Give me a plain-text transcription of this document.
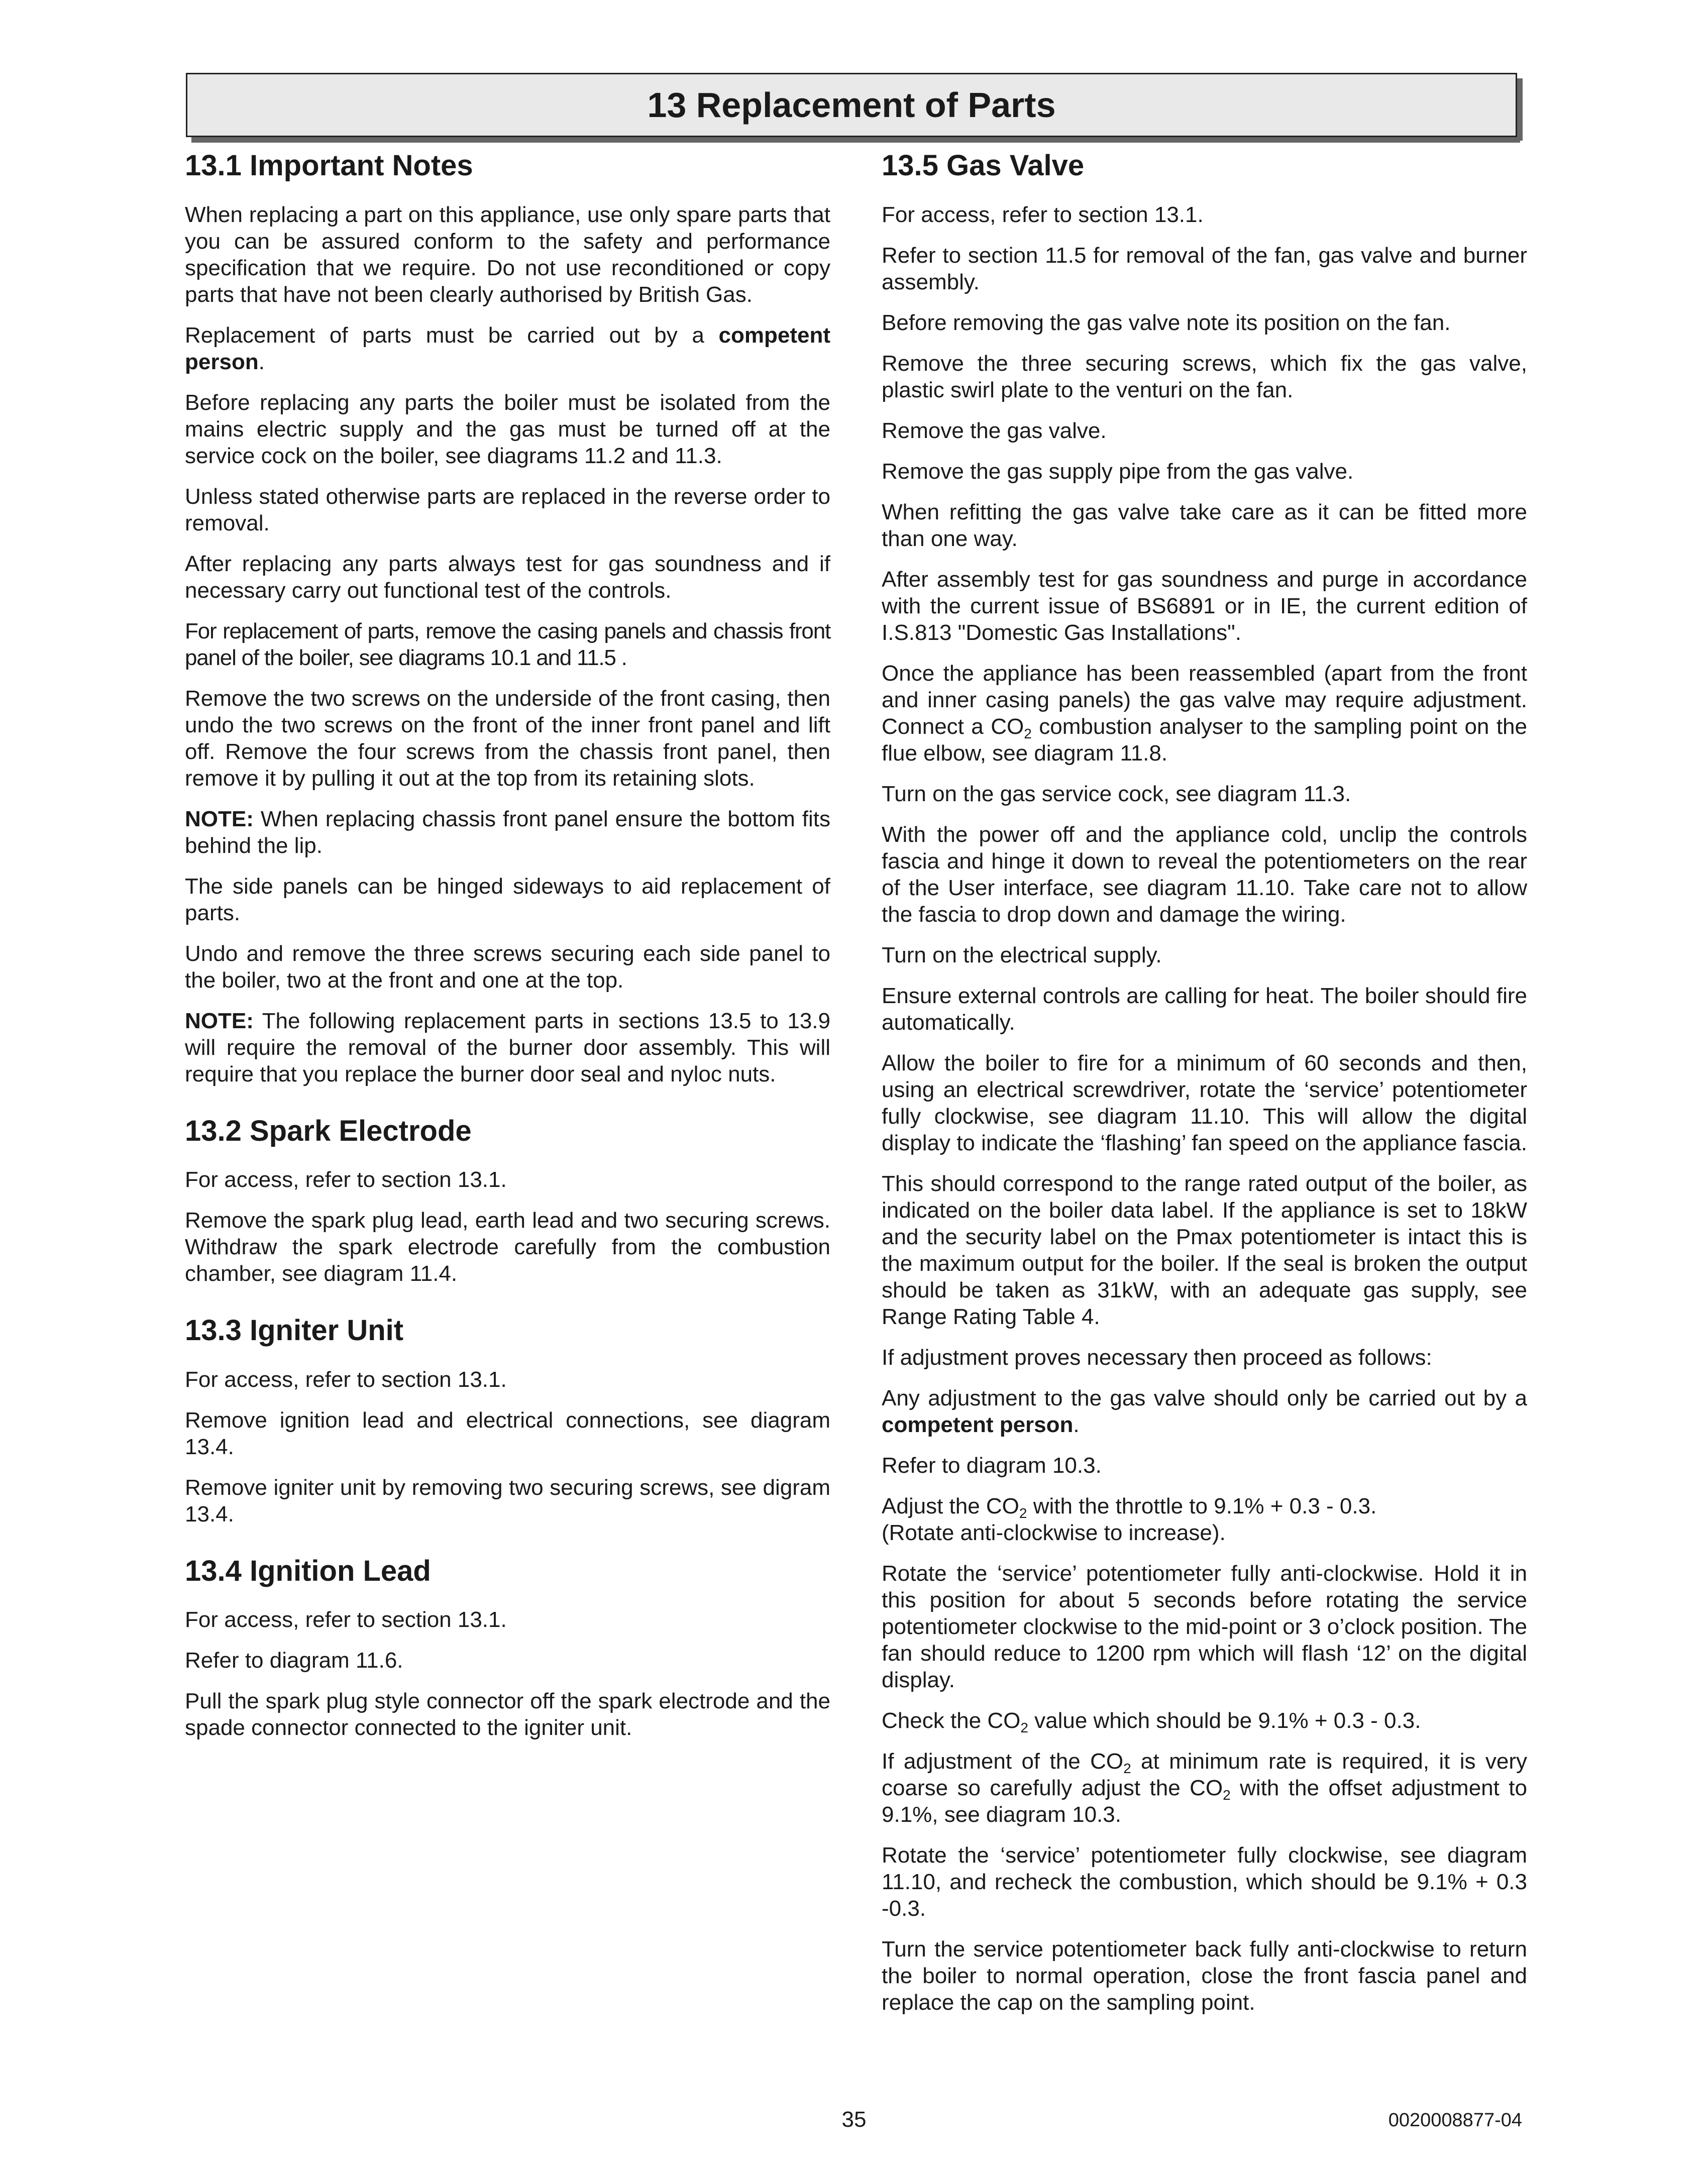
13 Replacement of Parts
13.1 Important Notes

When replacing a part on this appliance, use only spare parts that you can be assured conform to the safety and performance specification that we require. Do not use reconditioned or copy parts that have not been clearly authorised by British Gas.

Replacement of parts must be carried out by a competent person.

Before replacing any parts the boiler must be isolated from the mains electric supply and the gas must be turned off at the service cock on the boiler, see diagrams 11.2 and 11.3.

Unless stated otherwise parts are replaced in the reverse order to removal.

After replacing any parts always test for gas soundness and if necessary carry out functional test of the controls.

For replacement of parts, remove the casing panels and chassis front panel of the boiler, see diagrams 10.1 and 11.5 .

Remove the two screws on the underside of the front casing, then undo the two screws on the front of the inner front panel and lift off. Remove the four screws from the chassis front panel, then remove it by pulling it out at the top from its retaining slots.

NOTE: When replacing chassis front panel ensure the bottom fits behind the lip.

The side panels can be hinged sideways to aid replacement of parts.

Undo and remove the three screws securing each side panel to the boiler, two at the front and one at the top.

NOTE: The following replacement parts in sections 13.5 to 13.9 will require the removal of the burner door assembly. This will require that you replace the burner door seal and nyloc nuts.

13.2 Spark Electrode

For access, refer to section 13.1.

Remove the spark plug lead, earth lead and two securing screws. Withdraw the spark electrode carefully from the combustion chamber, see diagram 11.4.

13.3 Igniter Unit

For access, refer to section 13.1.

Remove ignition lead and electrical connections, see diagram 13.4.

Remove igniter unit by removing two securing screws, see digram 13.4.

13.4 Ignition Lead

For access, refer to section 13.1.

Refer to diagram 11.6.

Pull the spark plug style connector off the spark electrode and the spade connector connected to the igniter unit.

13.5 Gas Valve

For access, refer to section 13.1.

Refer to section 11.5 for removal of the fan, gas valve and burner assembly.

Before removing the gas valve note its position on the fan.

Remove the three securing screws, which fix the gas valve, plastic swirl plate to the venturi on the fan.

Remove the gas valve.

Remove the gas supply pipe from the gas valve.

When refitting the gas valve take care as it can be fitted more than one way.

After assembly test for gas soundness and purge in accordance with the current issue of BS6891 or in IE, the current edition of I.S.813 "Domestic Gas Installations".

Once the appliance has been reassembled (apart from the front and inner casing panels) the gas valve may require adjustment. Connect a $CO_2$ combustion analyser to the sampling point on the flue elbow, see diagram 11.8.

Turn on the gas service cock, see diagram 11.3.

With the power off and the appliance cold, unclip the controls fascia and hinge it down to reveal the potentiometers on the rear of the User interface, see diagram 11.10. Take care not to allow the fascia to drop down and damage the wiring.

Turn on the electrical supply.

Ensure external controls are calling for heat. The boiler should fire automatically.

Allow the boiler to fire for a minimum of 60 seconds and then, using an electrical screwdriver, rotate the ‘service’ potentiometer fully clockwise, see diagram 11.10. This will allow the digital display to indicate the ‘flashing’ fan speed on the appliance fascia.

This should correspond to the range rated output of the boiler, as indicated on the boiler data label. If the appliance is set to 18kW and the security label on the Pmax potentiometer is intact this is the maximum output for the boiler. If the seal is broken the output should be taken as 31kW, with an adequate gas supply, see Range Rating Table 4.

If adjustment proves necessary then proceed as follows:

Any adjustment to the gas valve should only be carried out by a competent person.

Refer to diagram 10.3.

Adjust the $CO_2$ with the throttle to 9.1% + 0.3 - 0.3.
(Rotate anti-clockwise to increase).

Rotate the ‘service’ potentiometer fully anti-clockwise. Hold it in this position for about 5 seconds before rotating the service potentiometer clockwise to the mid-point or 3 o’clock position. The fan should reduce to 1200 rpm which will flash ‘12’ on the digital display.

Check the $CO_2$ value which should be 9.1% + 0.3 - 0.3.

If adjustment of the $CO_2$ at minimum rate is required, it is very coarse so carefully adjust the $CO_2$ with the offset adjustment to 9.1%, see diagram 10.3.

Rotate the ‘service’ potentiometer fully clockwise, see diagram 11.10, and recheck the combustion, which should be 9.1% + 0.3 -0.3.

Turn the service potentiometer back fully anti-clockwise to return the boiler to normal operation, close the front fascia panel and replace the cap on the sampling point.

35	0020008877-04
